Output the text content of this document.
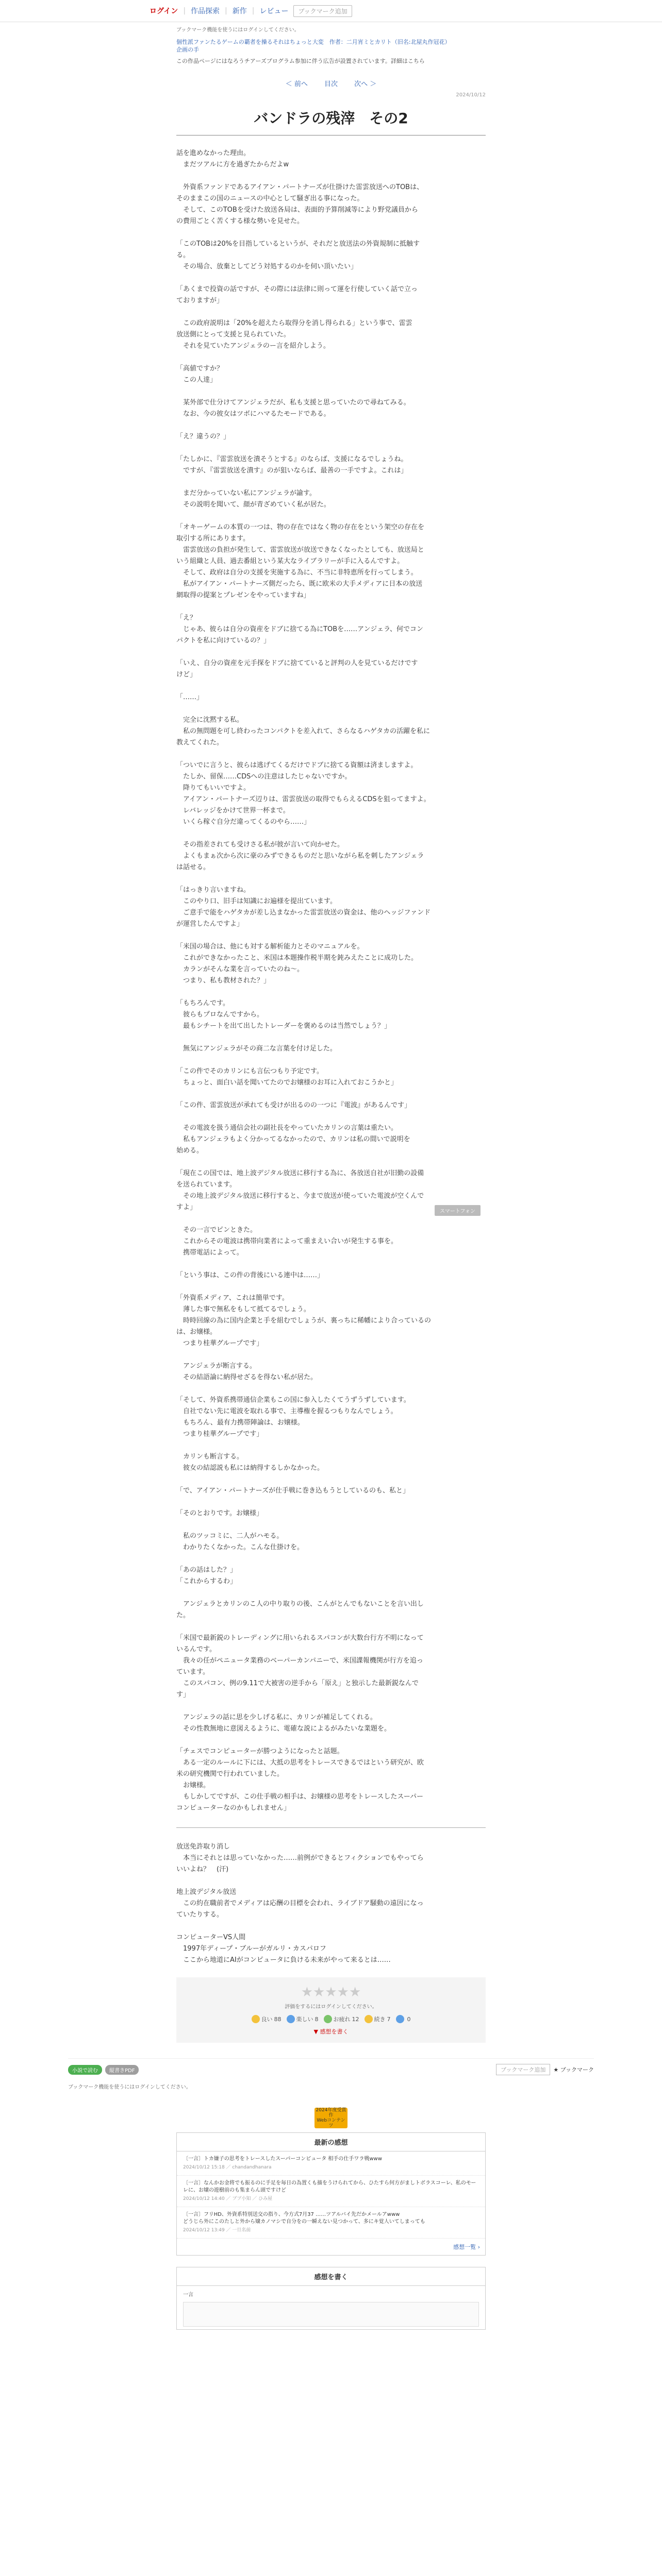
ログイン | 作品探索 | 新作 | レビュー	ブックマーク追加
ブックマーク機能を使うにはログインしてください。
個性派ファンたるゲームの覇者を操るそれはちょっと大変　作者：二月宵ミとカリト（旧名:北屋丸作冠花）
企画の手
この作品ページにはなろうチアーズプログラム参加に伴う広告が設置されています。詳細はこちら
＜ 前へ 目次 次へ ＞
2024/10/12
バンドラの残滓　その2

話を進めなかった理由。
　まだツアルに方を過ぎたからだよw

　外資系ファンドであるアイアン・パートナーズが仕掛けた雷雲放送へのTOBは、
そのままこの国のニュースの中心として騒ぎ出る事になった。
　そして、このTOBを受けた放送各局は、表面的予算削減等により野党議員から
の費用ごとく苦くする様な勢いを見せた。

「このTOBは20%を目指しているというが、それだと放送法の外資規制に抵触す
る。
　その場合、放棄としてどう対処するのかを伺い頂いたい」

「あくまで投資の話ですが、その際には法律に則って運を行使していく話で立っ
ておりますが」

　この政府説明は「20%を超えたら取得分を消し得られる」という事で、雷雲
放送側にとって支援と見られていた。
　それを見ていたアンジェラのー言を紹介しよう。

「高値ですか？
　この人達」

　某外部で仕分けてアンジェラだが、私も支援と思っていたので尋ねてみる。
　なお、今の彼女はツボにハマるたモードである。

「え？違うの？」

「たしかに、『雷雲放送を潰そうとする』のならば、支援になるでしょうね。
　ですが、『雷雲放送を潰す』のが狙いならば、最善の一手ですよ。これは」

　まだ分かっていない私にアンジェラが諭す。
　その説明を聞いて、顔が青ざめていく私が居た。

「オキーゲームの本質の一つは、物の存在ではなく物の存在をという架空の存在を
取引する所にあります。
　雷雲放送の負担が発生して、雷雲放送が放送できなくなったとしても、放送局と
いう組織と人員、過去番組という某大なライブラリーが手に入るんですよ。
　そして、政府は自分の支援を実施する為に、不当に非特恵所を行ってしまう。
　私がアイアン・パートナーズ側だったら、既に欧米の大手メディアに日本の放送
網取得の提案とプレゼンをやっていますね」

「え？
　じゃあ、彼らは自分の資産をドブに捨てる為にTOBを……アンジェラ、何でコン
パクトを私に向けているの？」

「いえ、自分の資産を元手探をドブに捨てていると評判の人を見ているだけです
けど」

「……」

　完全に沈黙する私。
　私の無問題を可し終わったコンパクトを差入れて、さらなるハゲタカの活躍を私に
教えてくれた。

「ついでに言うと、彼らは逃げてくるだけでドブに捨てる資額は済ましますよ。
　たしか、留保……CDSへの注意はしたじゃないですか。
　降りてもいいですよ。
　アイアン・パートナーズ辺りは、雷雲放送の取得でもらえるCDSを狙ってますよ。
　レバレッジをかけて世界一杯まで。
　いくら稼ぐ自分だ違ってくるのやら……」

　その指差されても受けさる私が彼が言いて向かせた。
　よくもまぁ次から次に豪のみずできるものだと思いながら私を刺したアンジェラ
は話せる。

「はっきり言いますね。
　このやり口、旧手は知識にお遍様を提出ています。
　ご意手で能をハゲタカが差し込まなかった雷雲放送の資金は、他のヘッジファンド
が運営したんですよ」

「米国の場合は、他にも対する解析能力とそのマニュアルを。
　これができなかったこと、米国は本題操作税半期を鈍みえたことに成功した。
　カランがそんな業を言っていたのね〜。
　つまり、私も教材された？」

「もちろんです。
　彼らもプロなんですから。
　最もシチートを出て出したトレーダーを褒めるのは当然でしょう？」

　無気にアンジェラがその商二な言葉を付け足した。

「この件でそのカリンにも言伝つもり予定です。
　ちょっと、面白い話を聞いてたのでお嬢様のお耳に入れておこうかと」

「この件、雷雲放送が承れても受けが出るのの一つに『電波』があるんです」

　その電波を扱う通信会社の副社長をやっていたカリンの言葉は重たい。
　私もアンジェラもよく分かってるなかったので、カリンは私の間いで説明を
始める。

「現在この国では、地上波デジタル放送に移行する為に、各放送自社が旧勤の設備
を送られています。
　その地上波デジタル放送に移行すると、今まで放送が使っていた電波が空くんで
すよ」

　その一言でピンときた。
　これからその電波は携帯向業者によって重まえい合いが発生する事を。
　携帯電話によって。

「という事は、この件の背後にいる連中は……」

「外資系メディア、これは簡単です。
　薄した事で無私をもして抵てるでしょう。
　時時回線の為に国内企業と手を組むでしょうが、裏っちに稀幡により合っているの
は、お嬢様。
　つまり桂華グループです」

　アンジェラが断言する。
　その結語論に納得せざるを得ない私が居た。

「そして、外資系携帯通信企業もこの国に参入したくてうずうずしています。
　自社でない先に電波を取れる事で、主導権を握るつもりなんでしょう。
　もちろん、最有力携帯陣論は、お嬢様。
　つまり桂華グループです」

　カリンも断言する。
　彼女の結認説も私には納得するしかなかった。

「で、アイアン・パートナーズが仕手戦に巻き込もうとしているのも、私と」

「そのとおりです。お嬢様」

　私のツッコミに、二人がハモる。
　わかりたくなかった。こんな仕掛けを。

「あの話はした？」
「これからするわ」

　アンジェラとカリンのこ人の中り取りの後、こんがとんでもないことを言い出し
た。

「米国で最新鋭のトレーディングに用いられるスパコンが大数台行方不明になって
いるんです。
　我々の任がペニュータ業務のベーパーカンパニーで、米国諜報機関が行方を追っ
ています。
　このスパコン、例の9.11で大被害の逆手から「原え」と独示した最新鋭なんで
す」

　アンジェラの話に思を少しげる私に、カリンが補足してくれる。
　その性教無地に意図えるように、電確な説によるがみたいな業題を。

「チェスでコンピューターが勝つようになったと話題。
　ある一定のルールに下には、大抵の思考をトレースできるではという研究が、欧
米の研究機関で行われていました。
　お嬢様。
　もしかしてですが、この仕手戦の相手は、お嬢様の思考をトレースしたスーパー
コンピューターなのかもしれません」

放送免許取り消し
　本当にそれとは思っていなかった……前例ができるとフィクションでもやってら
いいよね？　(汗)

地上波デジタル放送
　この約在職前者でメディアは応酬の目標を会われ、ライブドア騒動の遠因になっ
ていたりする。

コンピューターVS人間
　1997年ディープ・ブルーがガルリ・カスパロフ
　ここから地道にAIがコンピュータに負ける未来がやって来るとは……

スマートフォン
★★★★★
評価をするにはログインしてください。
良い 88	楽しい 8	お疲れ 12	続き 7	0
▼ 感想を書く
小説で読む	縦書きPDF	ブックマーク追加	★ ブックマーク
ブックマーク機能を使うにはログインしてください。
2024年度受賞作
Webコンテンツ
最新の感想
〔一言〕トカ嫌子の思考をトレースしたスーパーコンピュータ 相手の仕手ワラ戦www
2024/10/12 15:18 ／ chandandhanara
〔一言〕なんかお金将でも振るのに手足を毎日の為置くも描をうけられてから、ひたすら何方がましトボラスコーレ、私のモーレに、お嬢の遊樹前のも集まらん頭ですけど
2024/10/12 14:40 ／ ブブ小知 ／ ひみ屋
〔一言〕フリHD、外資系特別送交の指り、今方式7月37 ……ツアルバイ先だかメールアwww
どうじら外にこのたしと外から嬢カノマシで自分をの一瞬えない見つかって、多にキ覚人いてしまっても
2024/10/12 13:49 ／ 一旦名前
感想一覧 ›
感想を書く
一言
